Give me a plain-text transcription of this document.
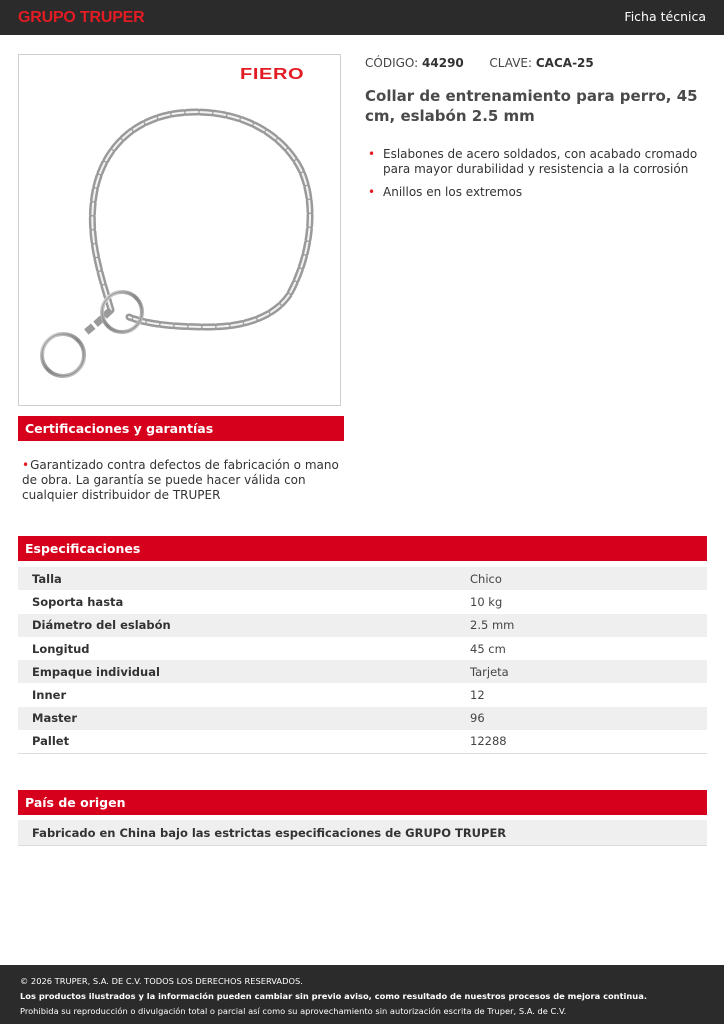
GRUPO TRUPER	Ficha técnica
FIERO
CÓDIGO: 44290 CLAVE: CACA-25
Collar de entrenamiento para perro, 45 cm, eslabón 2.5 mm
• Eslabones de acero soldados, con acabado cromado para mayor durabilidad y resistencia a la corrosión
• Anillos en los extremos
Certificaciones y garantías

•Garantizado contra defectos de fabricación o mano de obra. La garantía se puede hacer válida con cualquier distribuidor de TRUPER

Especificaciones
Talla	Chico
Soporta hasta	10 kg
Diámetro del eslabón	2.5 mm
Longitud	45 cm
Empaque individual	Tarjeta
Inner	12
Master	96
Pallet	12288
País de origen
Fabricado en China bajo las estrictas especificaciones de GRUPO TRUPER

© 2026 TRUPER, S.A. DE C.V. TODOS LOS DERECHOS RESERVADOS.

Los productos ilustrados y la información pueden cambiar sin previo aviso, como resultado de nuestros procesos de mejora continua.

Prohibida su reproducción o divulgación total o parcial así como su aprovechamiento sin autorización escrita de Truper, S.A. de C.V.
